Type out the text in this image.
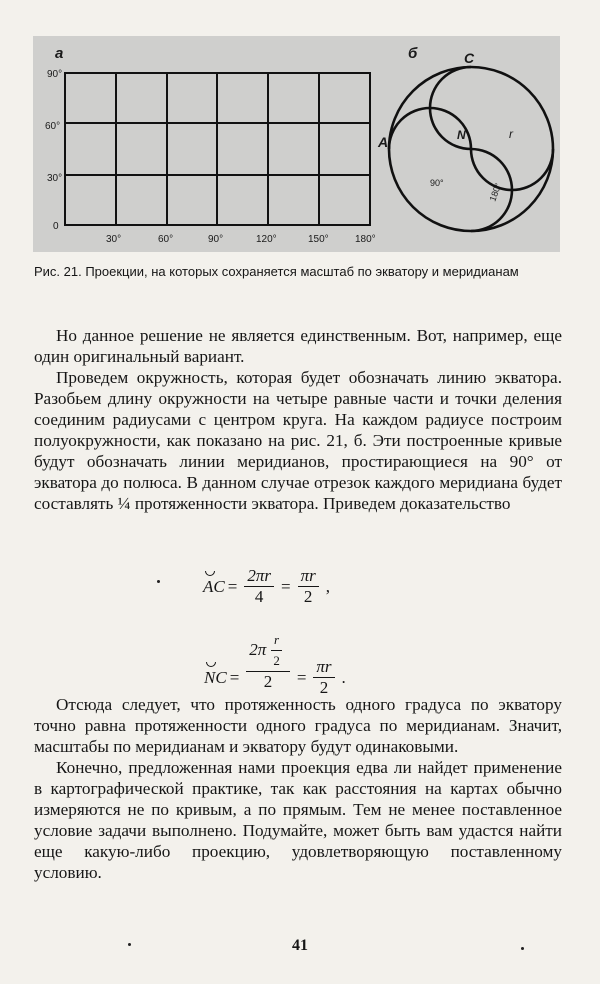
а
90°
60°
30°
0
30°	60°	90°	120°	150°	180°
б	C
A	N	r
90°	180°
Рис. 21. Проекции, на которых сохраняется масштаб по экватору и меридианам

Но данное решение не является единственным. Вот, например, еще один оригинальный вариант.

Проведем окружность, которая будет обозначать линию экватора. Разобьем длину окружности на четыре равные части и точки деления соединим радиусами с центром круга. На каждом радиусе построим полуокружности, как показано на рис. 21, б. Эти построенные кривые будут обозначать линии меридианов, простирающиеся на 90° от экватора до полюса. В данном случае отрезок каждого меридиана будет составлять ¼ протяженности экватора. Приведем доказательство

AC = $\frac{2\pi r}{4} = \frac{\pi r}{2}$ ,
NC = $\frac{2\pi \frac{r}{2}}{2} = \frac{\pi r}{2}$ .

Отсюда следует, что протяженность одного градуса по экватору точно равна протяженности одного градуса по меридианам. Значит, масштабы по меридианам и экватору будут одинаковыми.

Конечно, предложенная нами проекция едва ли найдет применение в картографической практике, так как расстояния на картах обычно измеряются не по кривым, а по прямым. Тем не менее поставленное условие задачи выполнено. Подумайте, может быть вам удастся найти еще какую-либо проекцию, удовлетворяющую поставленному условию.

41
